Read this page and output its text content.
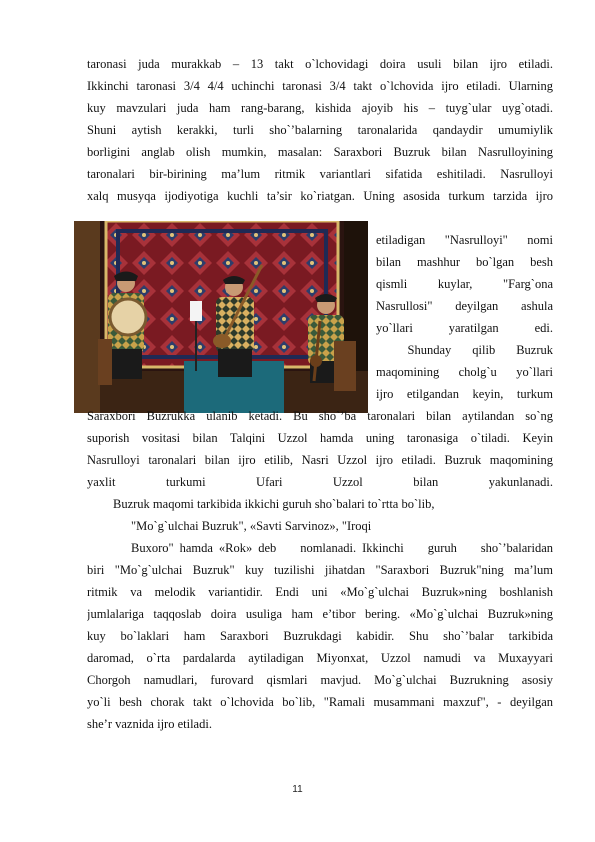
taronasi juda murakkab – 13 takt o`lchovidagi doira usuli bilan ijro etiladi.
Ikkinchi taronasi 3/4 4/4 uchinchi taronasi 3/4 takt o`lchovida ijro etiladi. Ularning
kuy mavzulari juda ham rang-barang, kishida ajoyib his – tuyg`ular uyg`otadi.
Shuni aytish kerakki, turli sho`’balarning taronalarida qandaydir umumiylik
borligini anglab olish mumkin, masalan: Saraxbori Buzruk bilan Nasrulloyining
taronalari bir-birining ma’lum ritmik variantlari sifatida eshitiladi. Nasrulloyi
xalq musyqa ijodiyotiga kuchli ta’sir ko`riatgan. Uning asosida turkum tarzida ijro
etiladigan "Nasrulloyi" nomi
bilan mashhur bo`lgan besh
qismli kuylar, "Farg`ona
Nasrullosi" deyilgan ashula
yo`llari yaratilgan edi.
Shunday    qilib    Buzruk
maqomining cholg`u yo`llari
ijro etilgandan keyin, turkum
Saraxbori Buzrukka ulanib ketadi. Bu sho`’ba taronalari bilan aytilandan so`ng
suporish vositasi bilan Talqini Uzzol hamda uning taronasiga o`tiladi. Keyin
Nasrulloyi taronalari bilan ijro etilib, Nasri Uzzol ijro etiladi. Buzruk maqomining
yaxlit              turkumi              Ufari              Uzzol              bilan              yakunlanadi.
Buzruk maqomi tarkibida ikkichi guruh sho`balari to`rtta bo`lib,
"Mo`g`ulchai Buzruk", «Savti Sarvinoz», "Iroqi
Buxoro" hamda «Rok» deb    nomlanadi. Ikkinchi    guruh    sho`’balaridan
biri "Mo`g`ulchai Buzruk" kuy tuzilishi jihatdan "Saraxbori Buzruk"ning ma’lum
ritmik va melodik variantidir. Endi uni «Mo`g`ulchai Buzruk»ning boshlanish
jumlalariga taqqoslab doira usuliga ham e’tibor bering. «Mo`g`ulchai Buzruk»ning
kuy bo`laklari ham Saraxbori Buzrukdagi kabidir. Shu sho`’balar tarkibida
daromad, o`rta pardalarda aytiladigan Miyonxat, Uzzol namudi va Muxayyari
Chorgoh namudlari, furovard qismlari mavjud. Mo`g`ulchai Buzrukning asosiy
yo`li besh chorak takt o`lchovida bo`lib, "Ramali musammani maxzuf", - deyilgan
she’r vaznida ijro etiladi.
11
